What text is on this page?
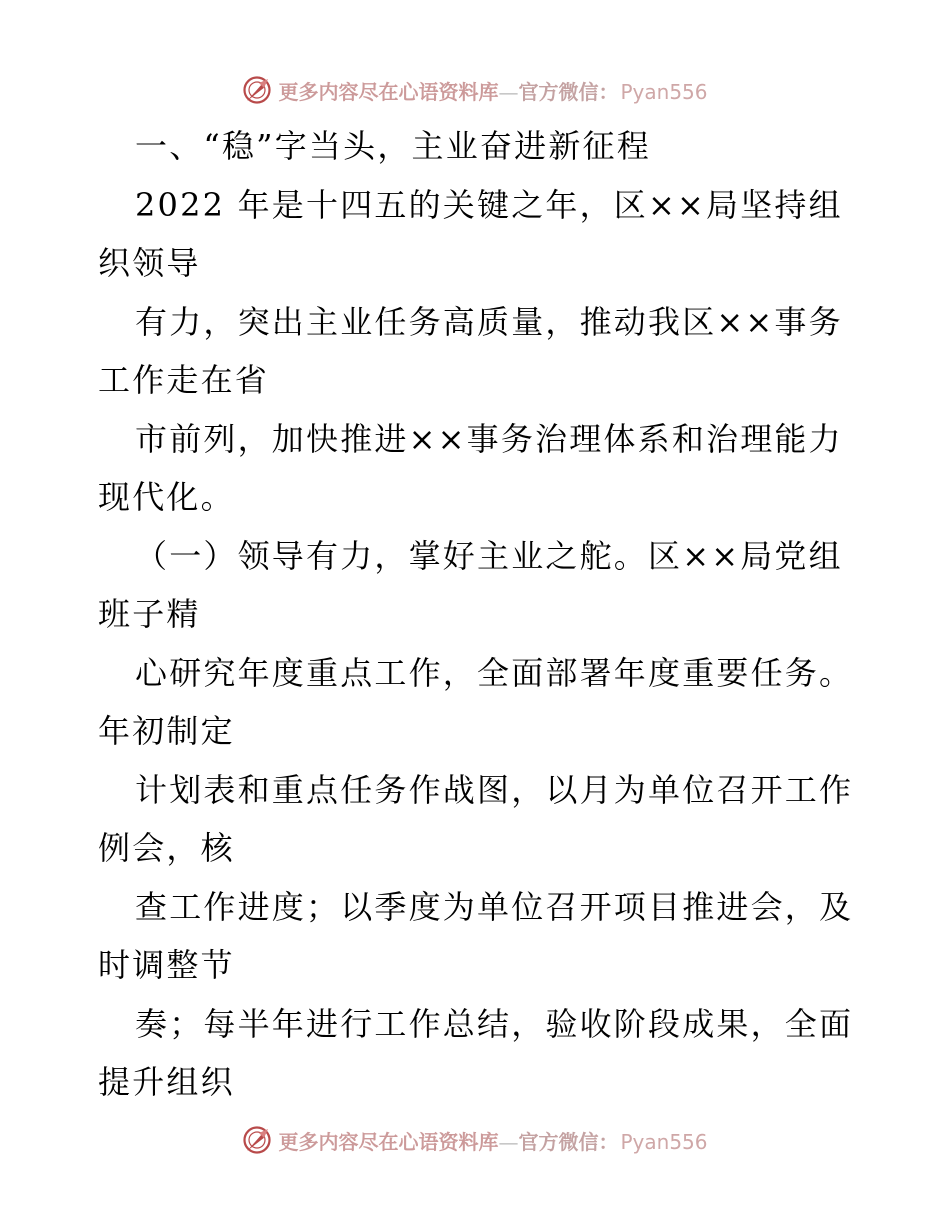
更多内容尽在心语资料库—官方微信： Pyan556
一、“稳”字当头，主业奋进新征程
2022 年是十四五的关键之年，区××局坚持组
织领导
有力，突出主业任务高质量，推动我区××事务
工作走在省
市前列，加快推进××事务治理体系和治理能力
现代化。
（一）领导有力，掌好主业之舵。区××局党组
班子精
心研究年度重点工作，全面部署年度重要任务。
年初制定
计划表和重点任务作战图，以月为单位召开工作
例会，核
查工作进度；以季度为单位召开项目推进会，及
时调整节
奏；每半年进行工作总结，验收阶段成果，全面
提升组织
更多内容尽在心语资料库—官方微信： Pyan556
